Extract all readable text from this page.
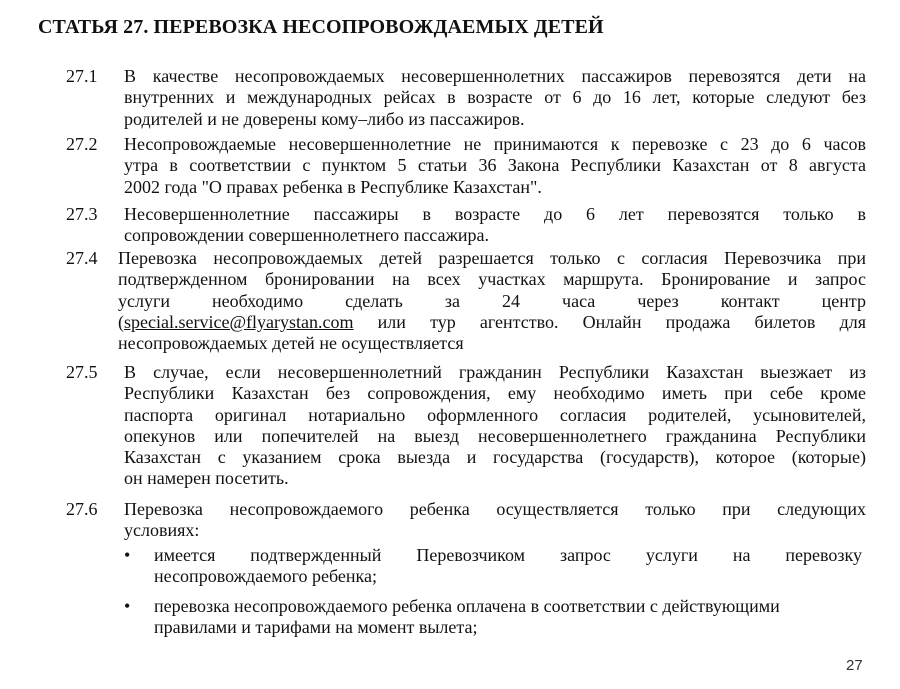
СТАТЬЯ 27. ПЕРЕВОЗКА НЕСОПРОВОЖДАЕМЫХ ДЕТЕЙ
27.1	В качестве несопровождаемых несовершеннолетних пассажиров перевозятся дети на
внутренних и международных рейсах в возрасте от 6 до 16 лет, которые следуют без
родителей и не доверены кому–либо из пассажиров.
27.2	Несопровождаемые несовершеннолетние не принимаются к перевозке с 23 до 6 часов
утра в соответствии с пунктом 5 статьи 36 Закона Республики Казахстан от 8 августа
2002 года "О правах ребенка в Республике Казахстан".
27.3	Несовершеннолетние пассажиры в возрасте до 6 лет перевозятся только в
сопровождении совершеннолетнего пассажира.
27.4	Перевозка несопровождаемых детей разрешается только с согласия Перевозчика при
подтвержденном бронировании на всех участках маршрута. Бронирование и запрос
услуги необходимо сделать за 24 часа через контакт центр
(special.service@flyarystan.com или тур агентство. Онлайн продажа билетов для
несопровождаемых детей не осуществляется
27.5	В случае, если несовершеннолетний гражданин Республики Казахстан выезжает из
Республики Казахстан без сопровождения, ему необходимо иметь при себе кроме
паспорта оригинал нотариально оформленного согласия родителей, усыновителей,
опекунов или попечителей на выезд несовершеннолетнего гражданина Республики
Казахстан с указанием срока выезда и государства (государств), которое (которые)
он намерен посетить.
27.6	Перевозка несопровождаемого ребенка осуществляется только при следующих
условиях:
•	имеется подтвержденный Перевозчиком запрос услуги на перевозку
несопровождаемого ребенка;
•	перевозка несопровождаемого ребенка оплачена в соответствии с действующими
правилами и тарифами на момент вылета;
27
